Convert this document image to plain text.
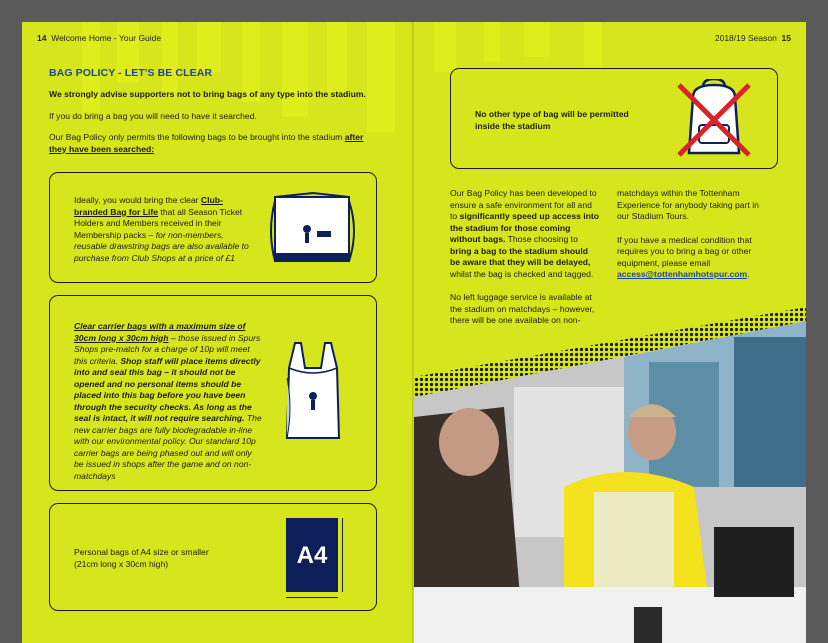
14 Welcome Home - Your Guide
BAG POLICY - LET'S BE CLEAR
We strongly advise supporters not to bring bags of any type into the stadium.
If you do bring a bag you will need to have it searched.
Our Bag Policy only permits the following bags to be brought into the stadium after they have been searched:
Ideally, you would bring the clear Club-branded Bag for Life that all Season Ticket Holders and Members received in their Membership packs – for non-members, reusable drawstring bags are also available to purchase from Club Shops at a price of £1
Clear carrier bags with a maximum size of 30cm long x 30cm high – those issued in Spurs Shops pre-match for a charge of 10p will meet this criteria. Shop staff will place items directly into and seal this bag – it should not be opened and no personal items should be placed into this bag before you have been through the security checks. As long as the seal is intact, it will not require searching. The new carrier bags are fully biodegradable in-line with our environmental policy. Our standard 10p carrier bags are being phased out and will only be issued in shops after the game and on non-matchdays
Personal bags of A4 size or smaller
(21cm long x 30cm high)	A4
2018/19 Season 15
No other type of bag will be permitted inside the stadium
Our Bag Policy has been developed to ensure a safe environment for all and to significantly speed up access into the stadium for those coming without bags. Those choosing to bring a bag to the stadium should be aware that they will be delayed, whilst the bag is checked and tagged.
No left luggage service is available at the stadium on matchdays – however, there will be one available on non-
matchdays within the Tottenham Experience for anybody taking part in our Stadium Tours.
If you have a medical condition that requires you to bring a bag or other equipment, please email access@tottenhamhotspur.com.
